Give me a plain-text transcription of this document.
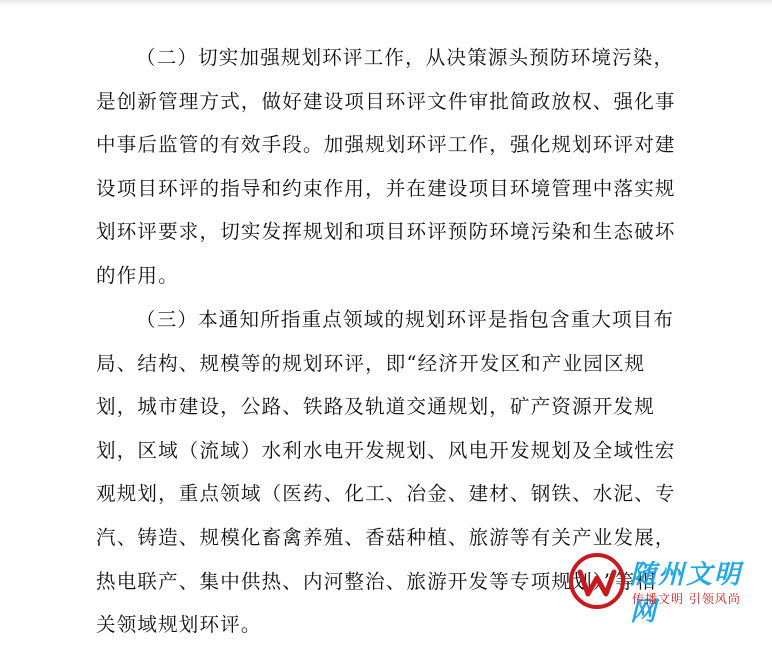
（二）切实加强规划环评工作，从决策源头预防环境污染，
是创新管理方式，做好建设项目环评文件审批简政放权、强化事
中事后监管的有效手段。加强规划环评工作，强化规划环评对建
设项目环评的指导和约束作用，并在建设项目环境管理中落实规
划环评要求，切实发挥规划和项目环评预防环境污染和生态破坏
的作用。
（三）本通知所指重点领域的规划环评是指包含重大项目布
局、结构、规模等的规划环评，即“经济开发区和产业园区规
划，城市建设，公路、铁路及轨道交通规划，矿产资源开发规
划，区域（流域）水利水电开发规划、风电开发规划及全域性宏
观规划，重点领域（医药、化工、冶金、建材、钢铁、水泥、专
汽、铸造、规模化畜禽养殖、香菇种植、旅游等有关产业发展，
热电联产、集中供热、内河整治、旅游开发等专项规划）”等相
关领域规划环评。
随州文明网
传播文明 引领风尚
